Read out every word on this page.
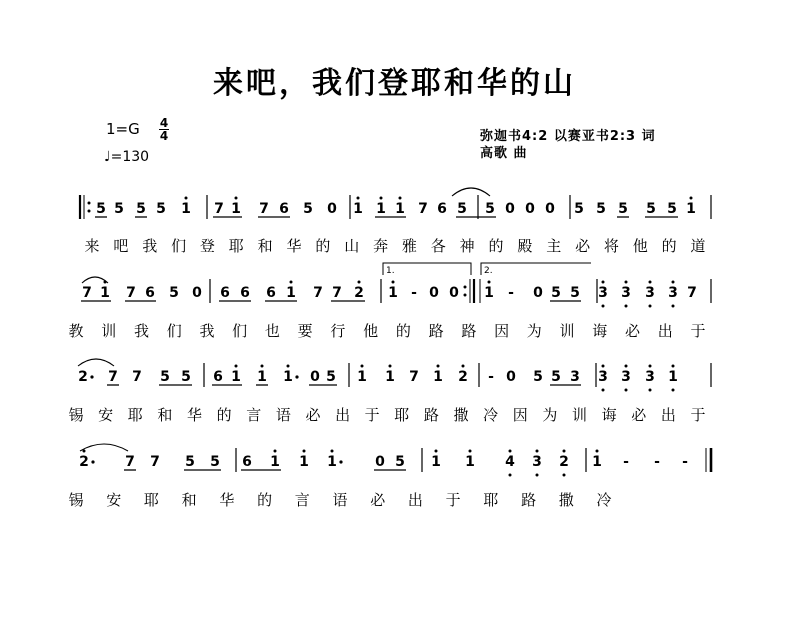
来吧，我们登耶和华的山
1=G 4
4
♩=130
弥迦书4:2 以赛亚书2:3 词
高歌 曲
5 5 5 5 1 7 1 7 6 5 0 1 1 1 7 6 5 5 0 0 0 5 5 5 5 5 1
来 吧 我 们 登 耶 和 华 的 山 奔 雅 各 神 的 殿 主 必 将 他 的 道
7 1 7 6 5 0 6 6 6 1 7 7 2 1 - 0 0 1 - 0 5 5 3 3 3 3 7
教 训 我 们 我 们 也 要 行 他 的 路 路 因 为 训 诲 必 出 于
2 7 7 5 5 6 1 1 1 0 5 1 1 7 1 2 - 0 5 5 3 3 3 3 1
锡 安 耶 和 华 的 言 语 必 出 于 耶 路 撒 冷 因 为 训 诲 必 出 于
2	7 7 5 5 6 1 1 1	0 5 1 1 4 3 2 1 - - -
锡 安 耶 和 华 的 言 语 必 出 于 耶 路 撒 冷
1.	2.
